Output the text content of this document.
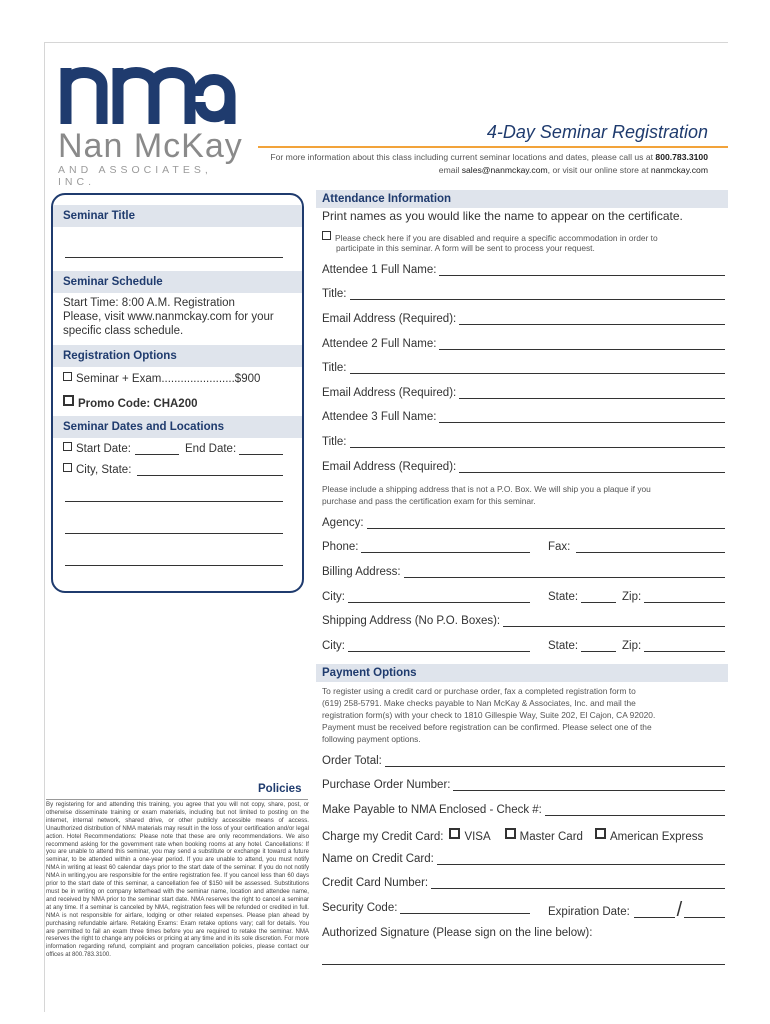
Nan McKay
AND ASSOCIATES, INC.
4-Day Seminar Registration
For more information about this class including current seminar locations and dates, please call us at 800.783.3100
email sales@nanmckay.com, or visit our online store at nanmckay.com
Seminar Title
Seminar Schedule
Start Time: 8:00 A.M. Registration
Please, visit www.nanmckay.com for your
specific class schedule.
Registration Options
Seminar + Exam.......................$900
Promo Code: CHA200
Seminar Dates and Locations
Start Date:	End Date:
City, State:
Policies
By registering for and attending this training, you agree that you will not copy, share, post, or otherwise disseminate training or exam materials, including but not limited to posting on the internet, internal network, shared drive, or other publicly accessible means of access. Unauthorized distribution of NMA materials may result in the loss of your certification and/or legal action. Hotel Recommendations: Please note that these are only recommendations. We also recommend asking for the government rate when booking rooms at any hotel. Cancellations: If you are unable to attend this seminar, you may send a substitute or exchange it toward a future seminar, to be attended within a one-year period. If you are unable to attend, you must notify NMA in writing at least 60 calendar days prior to the start date of the seminar. If you do not notify NMA in writing,you are responsible for the entire registration fee. If you cancel less than 60 days prior to the start date of this seminar, a cancellation fee of $150 will be assessed. Substitutions must be in writing on company letterhead with the seminar name, location and attendee name, and received by NMA prior to the seminar start date. NMA reserves the right to cancel a seminar at any time. If a seminar is canceled by NMA, registration fees will be refunded or credited in full. NMA is not responsible for airfare, lodging or other related expenses. Please plan ahead by purchasing refundable airfare. Retaking Exams: Exam retake options vary; call for details. You are permitted to fail an exam three times before you are required to retake the seminar. NMA reserves the right to change any policies or pricing at any time and in its sole discretion. For more information regarding refund, complaint and program cancellation policies, please contact our offices at 800.783.3100.
Attendance Information
Print names as you would like the name to appear on the certificate.
Please check here if you are disabled and require a specific accommodation in order to
participate in this seminar. A form will be sent to process your request.
Attendee 1 Full Name:
Title:
Email Address (Required):
Attendee 2 Full Name:
Title:
Email Address (Required):
Attendee 3 Full Name:
Title:
Email Address (Required):
Please include a shipping address that is not a P.O. Box. We will ship you a plaque if you
purchase and pass the certification exam for this seminar.
Agency:
Phone:	Fax:
Billing Address:
City:	State:	Zip:
Shipping Address (No P.O. Boxes):
City:	State:	Zip:
Payment Options
To register using a credit card or purchase order, fax a completed registration form to
(619) 258-5791. Make checks payable to Nan McKay & Associates, Inc. and mail the
registration form(s) with your check to 1810 Gillespie Way, Suite 202, El Cajon, CA 92020.
Payment must be received before registration can be confirmed. Please select one of the
following payment options.
Order Total:
Purchase Order Number:
Make Payable to NMA Enclosed - Check #:
Charge my Credit Card:	VISA	Master Card	American Express
Name on Credit Card:
Credit Card Number:
Security Code:	Expiration Date: /
Authorized Signature (Please sign on the line below):
